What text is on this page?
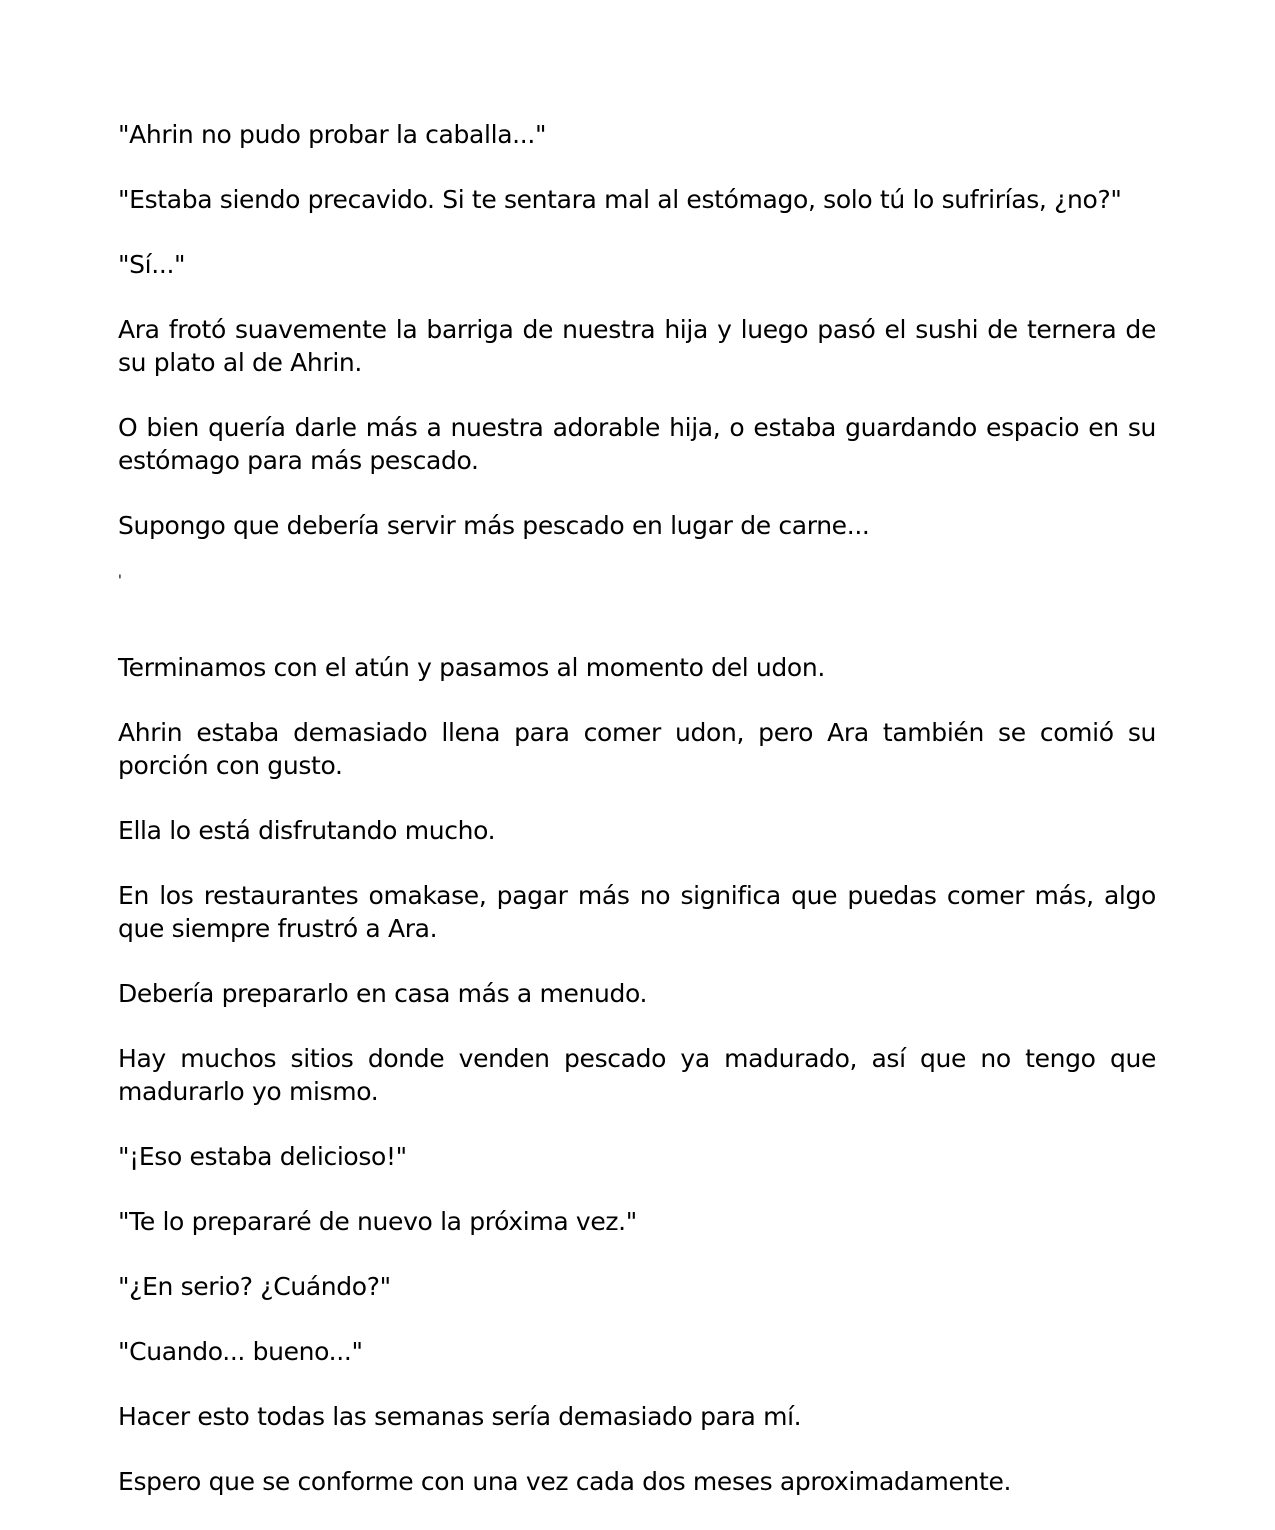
"Ahrin no pudo probar la caballa..."

"Estaba siendo precavido. Si te sentara mal al estómago, solo tú lo sufrirías, ¿no?"

"Sí..."

Ara frotó suavemente la barriga de nuestra hija y luego pasó el sushi de ternera de su plato al de Ahrin.

O bien quería darle más a nuestra adorable hija, o estaba guardando espacio en su estómago para más pescado.

Supongo que debería servir más pescado en lugar de carne...

'

Terminamos con el atún y pasamos al momento del udon.

Ahrin estaba demasiado llena para comer udon, pero Ara también se comió su porción con gusto.

Ella lo está disfrutando mucho.

En los restaurantes omakase, pagar más no significa que puedas comer más, algo que siempre frustró a Ara.

Debería prepararlo en casa más a menudo.

Hay muchos sitios donde venden pescado ya madurado, así que no tengo que madurarlo yo mismo.

"¡Eso estaba delicioso!"

"Te lo prepararé de nuevo la próxima vez."

"¿En serio? ¿Cuándo?"

"Cuando... bueno..."

Hacer esto todas las semanas sería demasiado para mí.

Espero que se conforme con una vez cada dos meses aproximadamente.
